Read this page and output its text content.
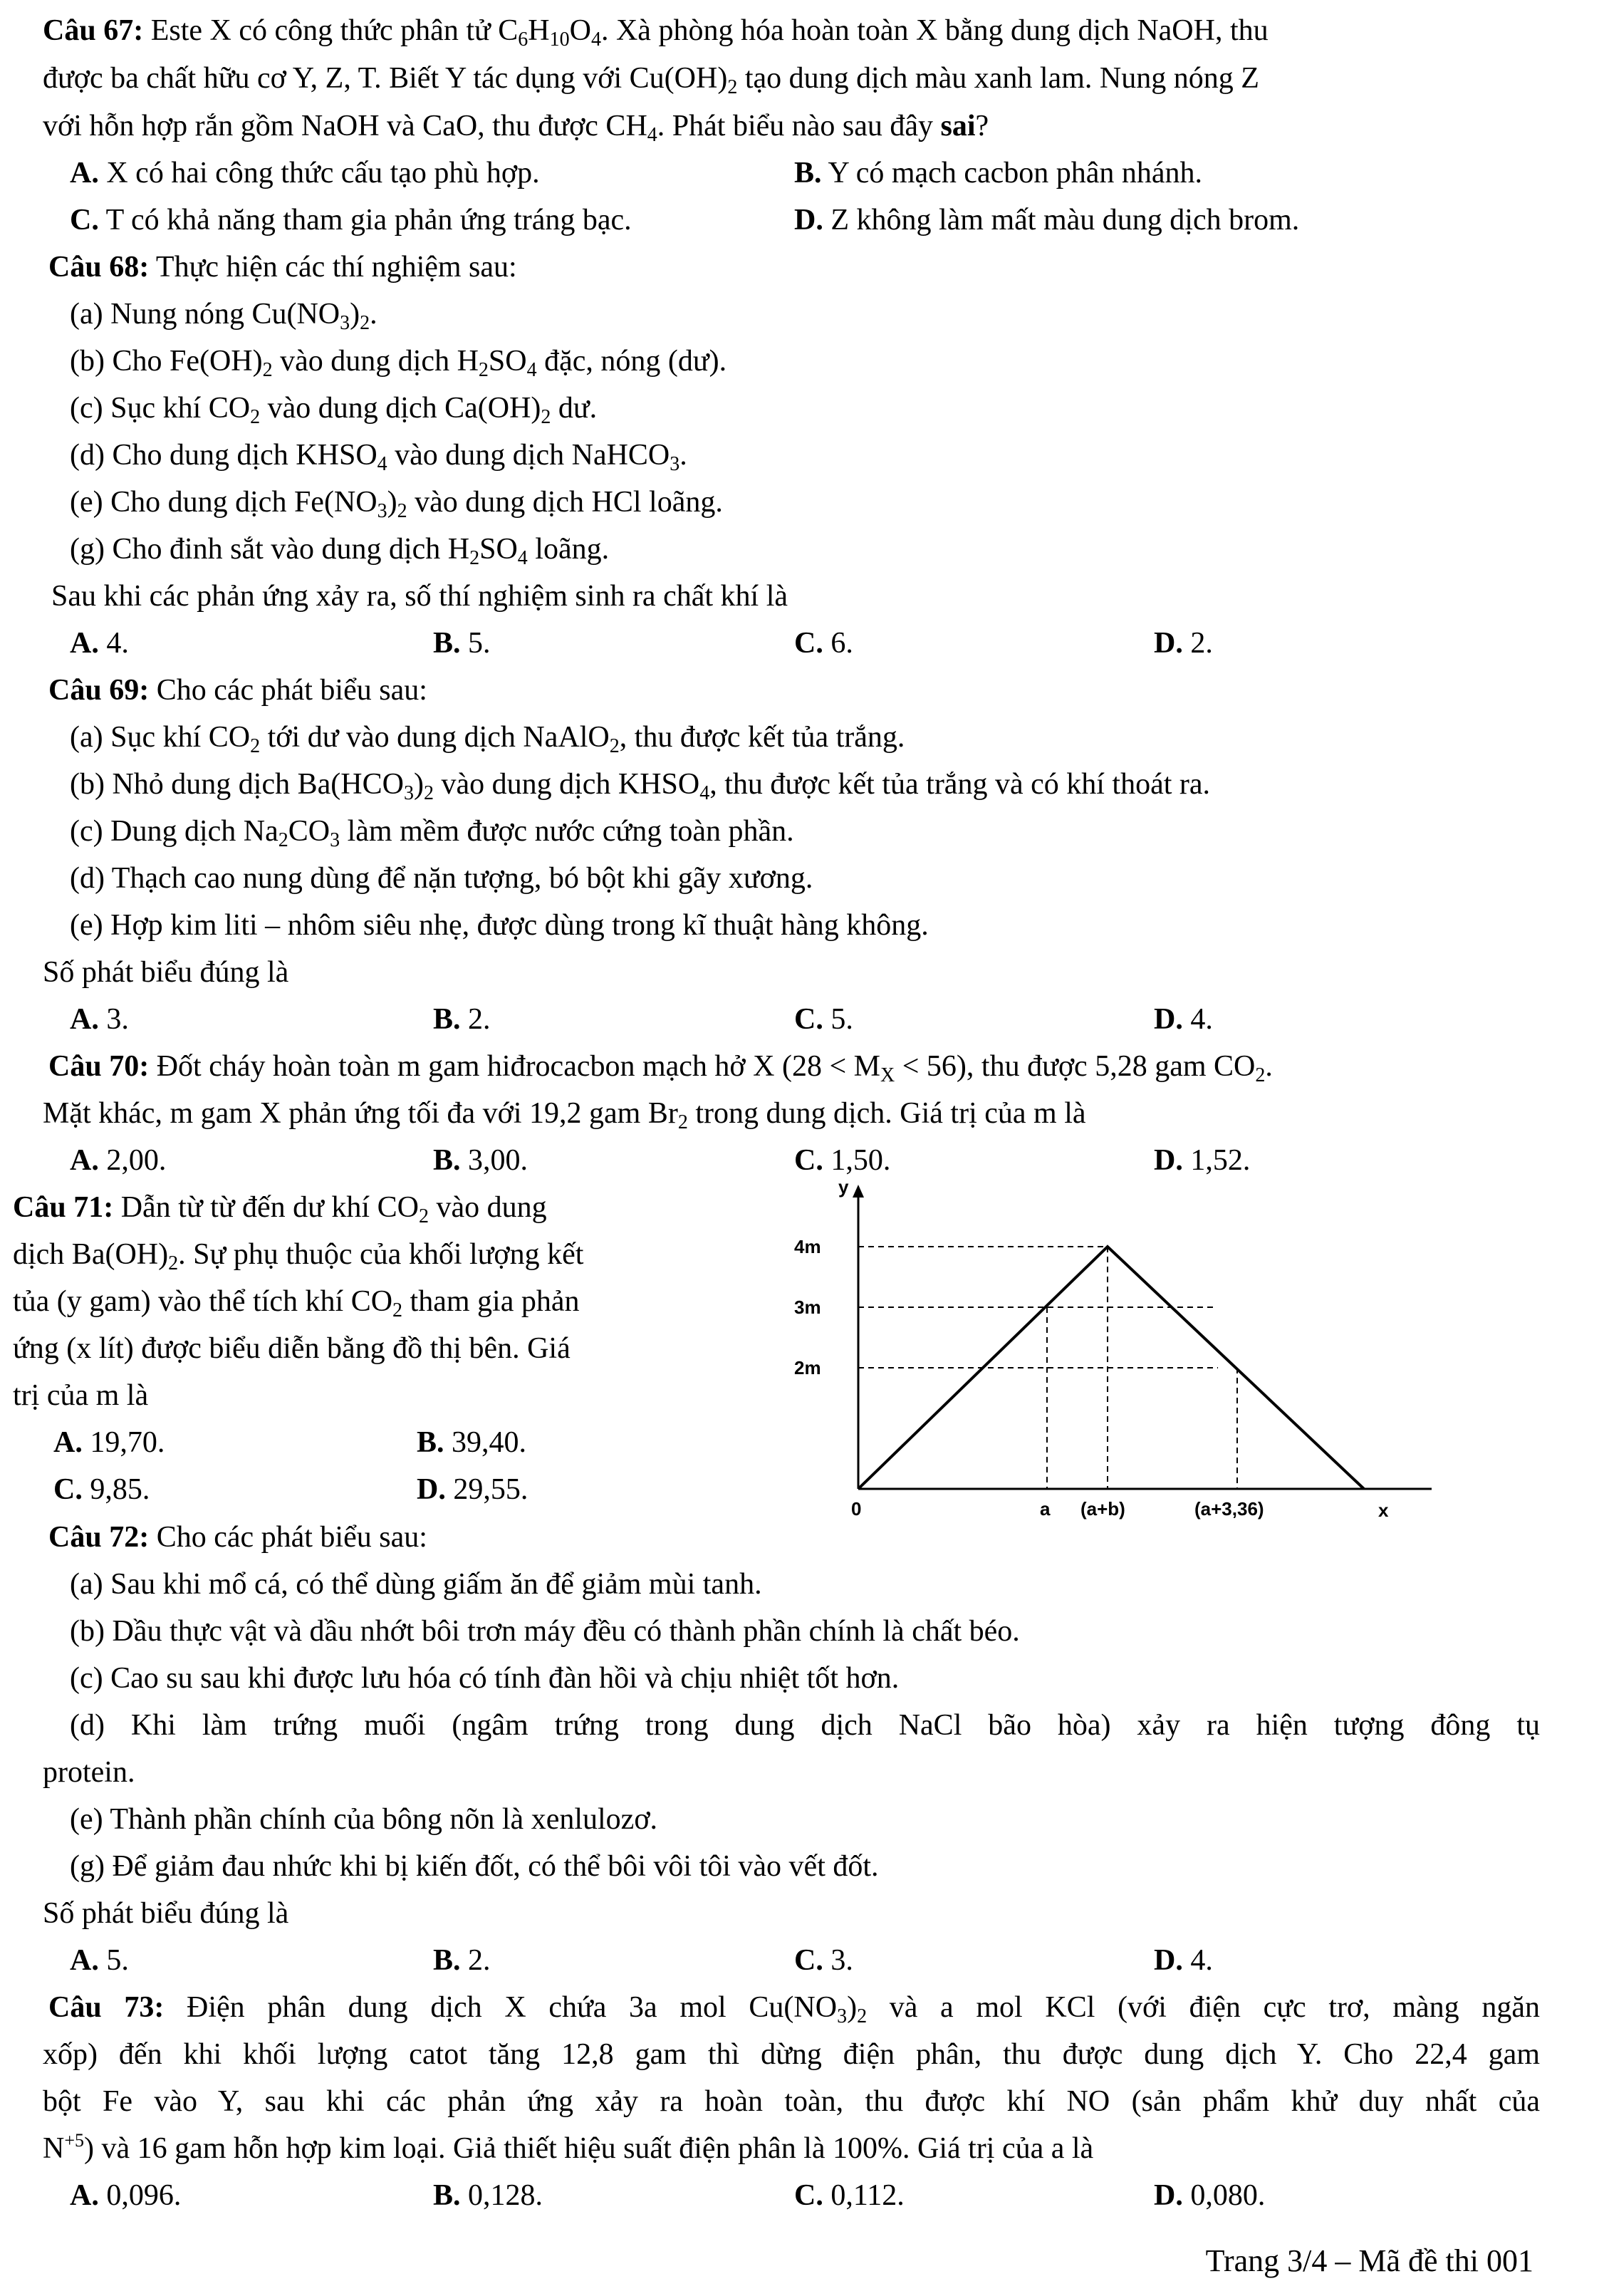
Câu 67: Este X có công thức phân tử $C_6H_{10}O_4$. Xà phòng hóa hoàn toàn X bằng dung dịch NaOH, thu
được ba chất hữu cơ Y, Z, T. Biết Y tác dụng với $Cu(OH)_2$ tạo dung dịch màu xanh lam. Nung nóng Z
với hỗn hợp rắn gồm NaOH và CaO, thu được $CH_4$. Phát biểu nào sau đây sai?
A. X có hai công thức cấu tạo phù hợp.	B. Y có mạch cacbon phân nhánh.
C. T có khả năng tham gia phản ứng tráng bạc.	D. Z không làm mất màu dung dịch brom.
Câu 68: Thực hiện các thí nghiệm sau:
(a) Nung nóng $Cu(NO_3)_2$.
(b) Cho $Fe(OH)_2$ vào dung dịch $H_2SO_4$ đặc, nóng (dư).
(c) Sục khí $CO_2$ vào dung dịch $Ca(OH)_2$ dư.
(d) Cho dung dịch $KHSO_4$ vào dung dịch NaHCO$_3$.
(e) Cho dung dịch $Fe(NO_3)_2$ vào dung dịch HCl loãng.
(g) Cho đinh sắt vào dung dịch $H_2SO_4$ loãng.
Sau khi các phản ứng xảy ra, số thí nghiệm sinh ra chất khí là
A. 4.	B. 5.	C. 6.	D. 2.
Câu 69: Cho các phát biểu sau:
(a) Sục khí $CO_2$ tới dư vào dung dịch NaAlO$_2$, thu được kết tủa trắng.
(b) Nhỏ dung dịch $Ba(HCO_3)_2$ vào dung dịch $KHSO_4$, thu được kết tủa trắng và có khí thoát ra.
(c) Dung dịch $Na_2CO_3$ làm mềm được nước cứng toàn phần.
(d) Thạch cao nung dùng để nặn tượng, bó bột khi gãy xương.
(e) Hợp kim liti – nhôm siêu nhẹ, được dùng trong kĩ thuật hàng không.
Số phát biểu đúng là
A. 3.	B. 2.	C. 5.	D. 4.
Câu 70: Đốt cháy hoàn toàn m gam hiđrocacbon mạch hở X $(28 < M_X < 56)$, thu được 5,28 gam $CO_2$.
Mặt khác, m gam X phản ứng tối đa với 19,2 gam $Br_2$ trong dung dịch. Giá trị của m là
A. 2,00.	B. 3,00.	C. 1,50.	D. 1,52.
Câu 71: Dẫn từ từ đến dư khí $CO_2$ vào dung
dịch $Ba(OH)_2$. Sự phụ thuộc của khối lượng kết
tủa (y gam) vào thể tích khí $CO_2$ tham gia phản
ứng (x lít) được biểu diễn bằng đồ thị bên. Giá
trị của m là
A. 19,70.	B. 39,40.
C. 9,85.	D. 29,55.
y
4m
3m
2m
0	a (a+b)	(a+3,36)	x
Câu 72: Cho các phát biểu sau:
(a) Sau khi mổ cá, có thể dùng giấm ăn để giảm mùi tanh.
(b) Dầu thực vật và dầu nhớt bôi trơn máy đều có thành phần chính là chất béo.
(c) Cao su sau khi được lưu hóa có tính đàn hồi và chịu nhiệt tốt hơn.
(d) Khi làm trứng muối (ngâm trứng trong dung dịch NaCl bão hòa) xảy ra hiện tượng đông tụ
protein.
(e) Thành phần chính của bông nõn là xenlulozơ.
(g) Để giảm đau nhức khi bị kiến đốt, có thể bôi vôi tôi vào vết đốt.
Số phát biểu đúng là
A. 5.	B. 2.	C. 3.	D. 4.
Câu 73: Điện phân dung dịch X chứa 3a mol $Cu(NO_3)_2$ và a mol KCl (với điện cực trơ, màng ngăn
xốp) đến khi khối lượng catot tăng 12,8 gam thì dừng điện phân, thu được dung dịch Y. Cho 22,4 gam
bột Fe vào Y, sau khi các phản ứng xảy ra hoàn toàn, thu được khí NO (sản phẩm khử duy nhất của
$N^{+5}$) và 16 gam hỗn hợp kim loại. Giả thiết hiệu suất điện phân là 100%. Giá trị của a là
A. 0,096.	B. 0,128.	C. 0,112.	D. 0,080.
Trang 3/4 – Mã đề thi 001
